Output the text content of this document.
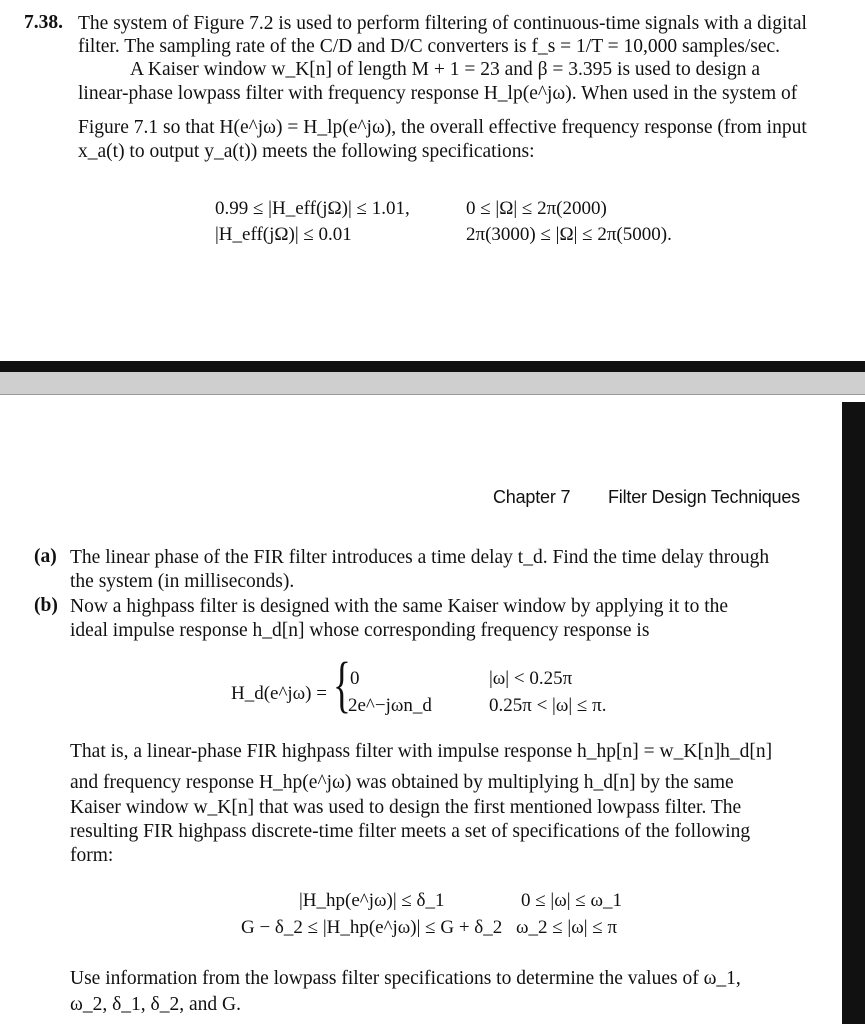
7.38. The system of Figure 7.2 is used to perform filtering of continuous-time signals with a digital
filter. The sampling rate of the C/D and D/C converters is f_s = 1/T = 10,000 samples/sec.
A Kaiser window w_K[n] of length M + 1 = 23 and β = 3.395 is used to design a
linear-phase lowpass filter with frequency response H_lp(e^jω). When used in the system of
Figure 7.1 so that H(e^jω) = H_lp(e^jω), the overall effective frequency response (from input
x_a(t) to output y_a(t)) meets the following specifications:
0.99 ≤ |H_eff(jΩ)| ≤ 1.01,	0 ≤ |Ω| ≤ 2π(2000)
|H_eff(jΩ)| ≤ 0.01	2π(3000) ≤ |Ω| ≤ 2π(5000).
Chapter 7 Filter Design Techniques
(a) The linear phase of the FIR filter introduces a time delay t_d. Find the time delay through
the system (in milliseconds).
(b) Now a highpass filter is designed with the same Kaiser window by applying it to the
ideal impulse response h_d[n] whose corresponding frequency response is
H_d(e^jω) = { 0	|ω| < 0.25π
2e^−jωn_d	0.25π < |ω| ≤ π.
That is, a linear-phase FIR highpass filter with impulse response h_hp[n] = w_K[n]h_d[n]
and frequency response H_hp(e^jω) was obtained by multiplying h_d[n] by the same
Kaiser window w_K[n] that was used to design the first mentioned lowpass filter. The
resulting FIR highpass discrete-time filter meets a set of specifications of the following
form:
|H_hp(e^jω)| ≤ δ_1	0 ≤ |ω| ≤ ω_1
G − δ_2 ≤ |H_hp(e^jω)| ≤ G + δ_2 ω_2 ≤ |ω| ≤ π
Use information from the lowpass filter specifications to determine the values of ω_1,
ω_2, δ_1, δ_2, and G.
